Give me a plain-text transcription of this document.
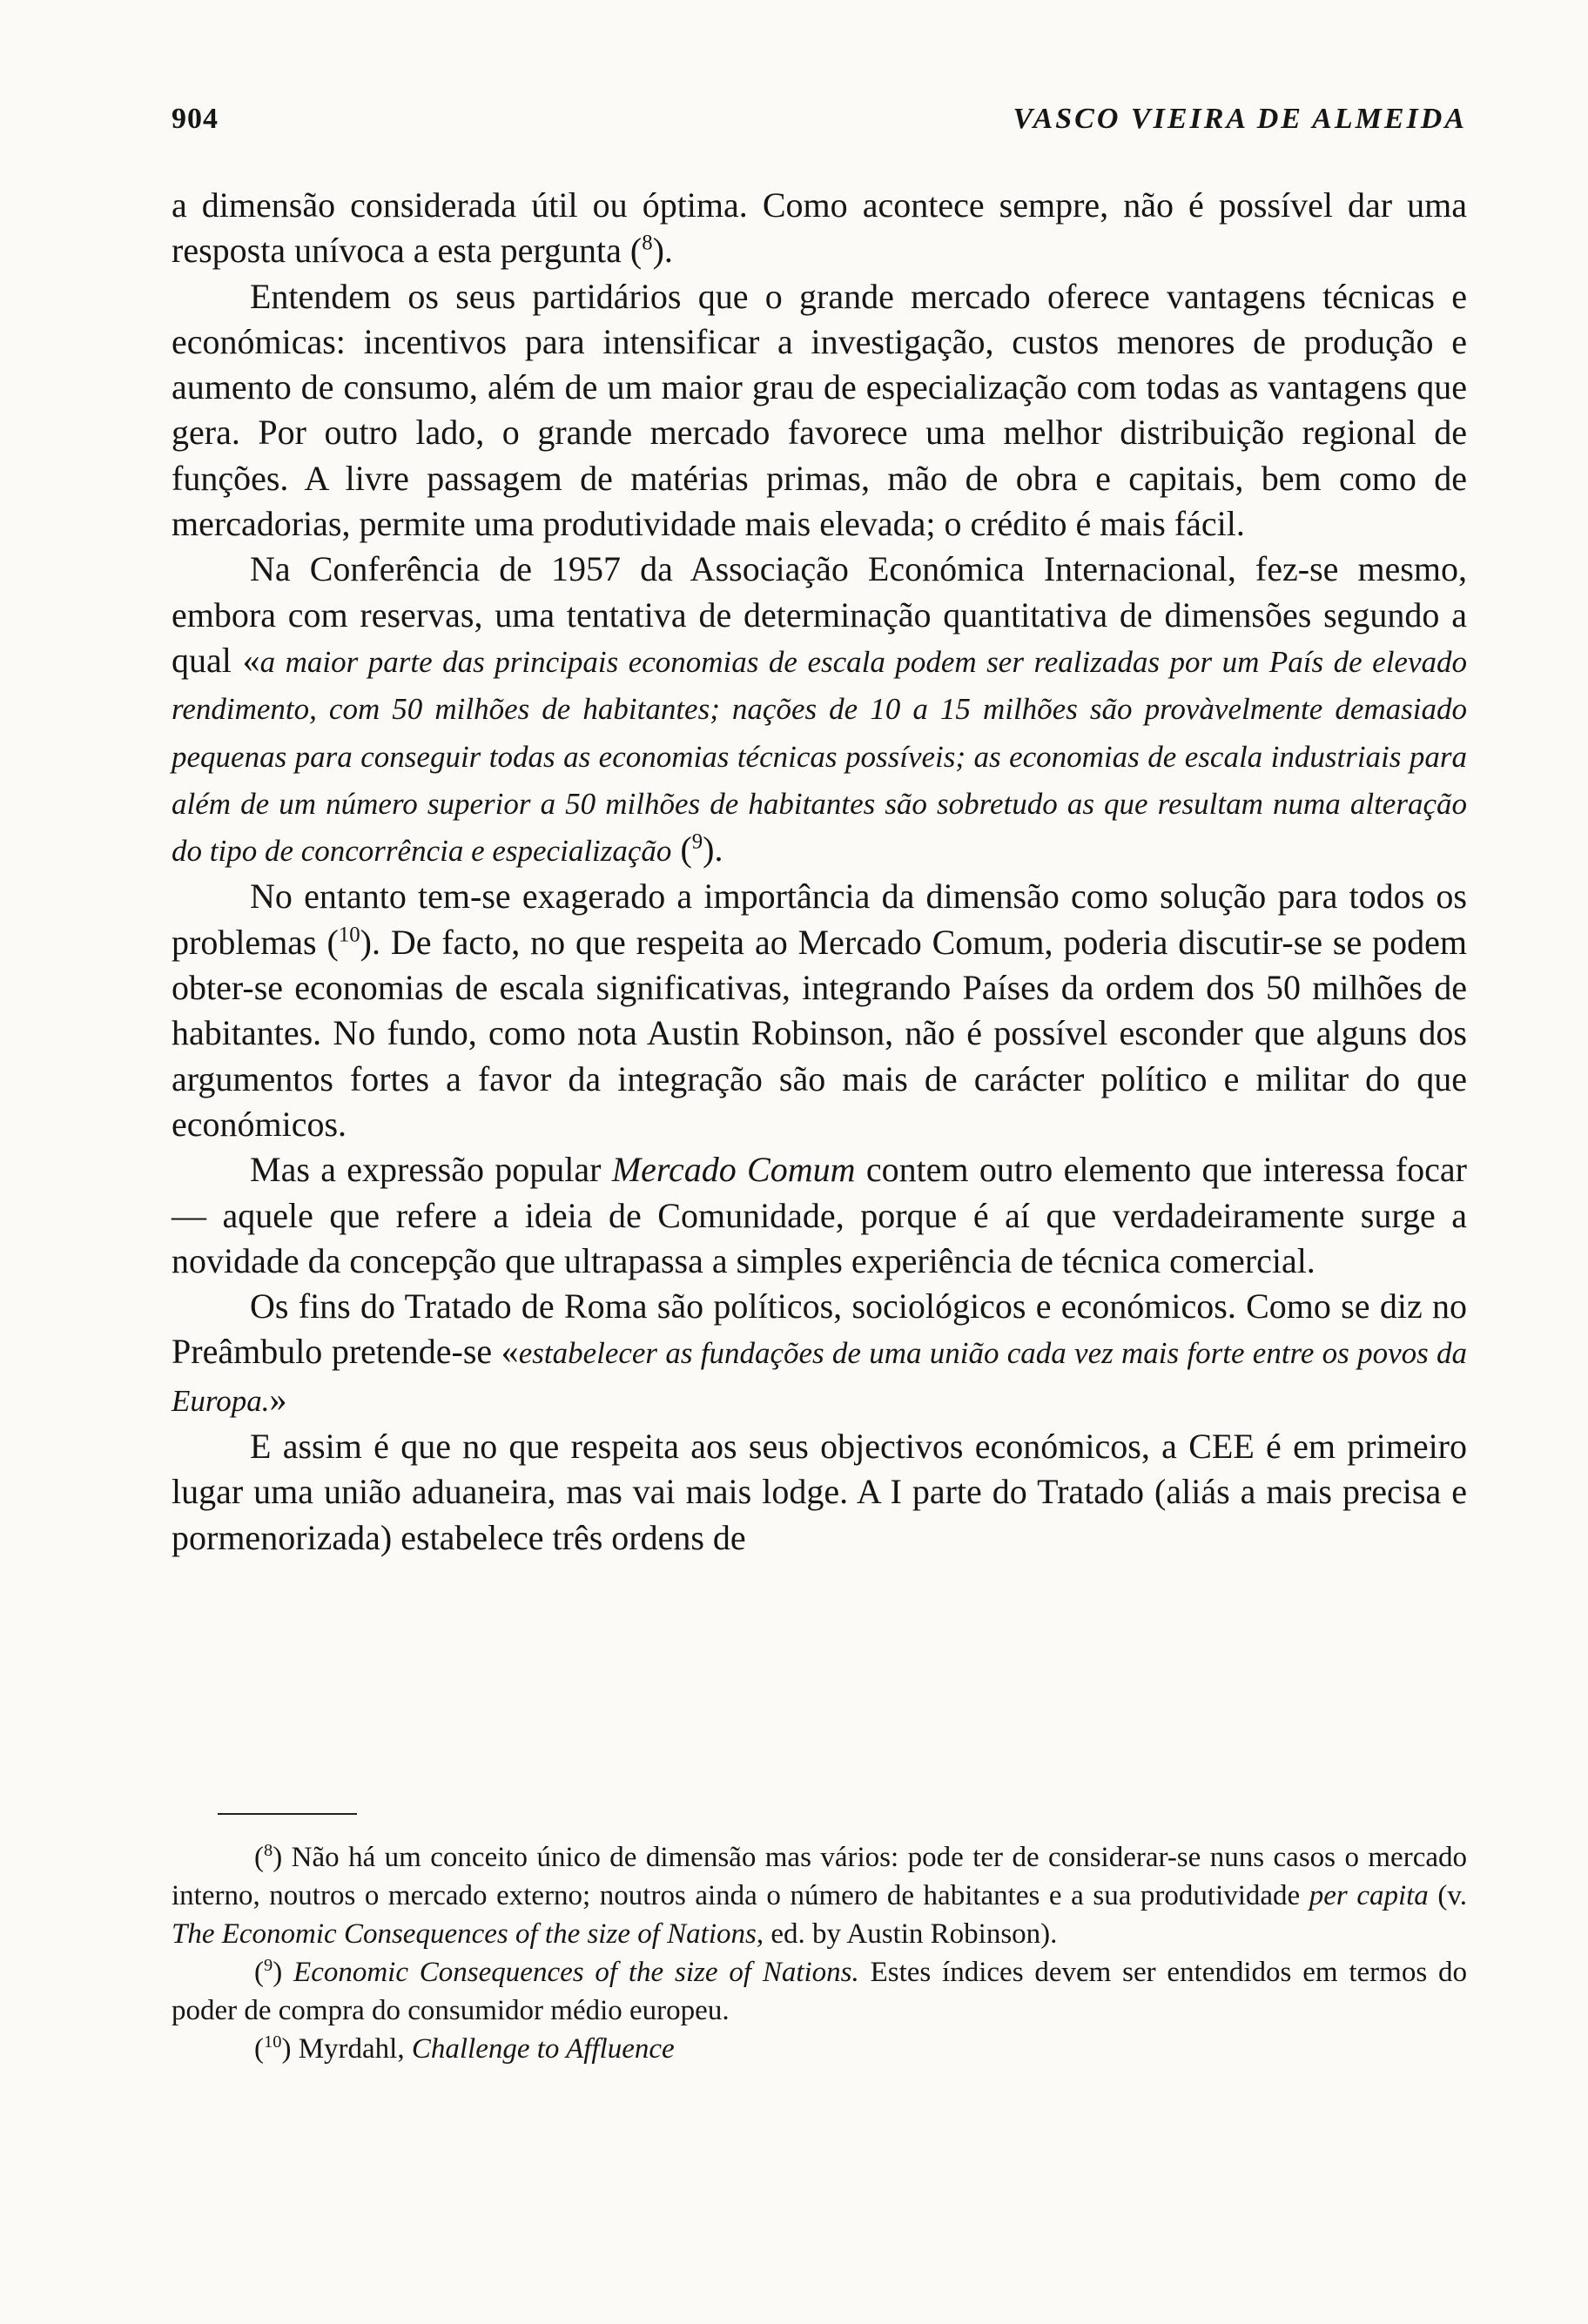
904	VASCO VIEIRA DE ALMEIDA

a dimensão considerada útil ou óptima. Como acontece sempre, não é possível dar uma resposta unívoca a esta pergunta ($^8$).

Entendem os seus partidários que o grande mercado oferece vantagens técnicas e económicas: incentivos para intensificar a investigação, custos menores de produção e aumento de consumo, além de um maior grau de especialização com todas as vantagens que gera. Por outro lado, o grande mercado favorece uma melhor distribuição regional de funções. A livre passagem de matérias primas, mão de obra e capitais, bem como de mercadorias, permite uma produtividade mais elevada; o crédito é mais fácil.

Na Conferência de 1957 da Associação Económica Internacional, fez-se mesmo, embora com reservas, uma tentativa de determinação quantitativa de dimensões segundo a qual «a maior parte das principais economias de escala podem ser realizadas por um País de elevado rendimento, com 50 milhões de habitantes; nações de 10 a 15 milhões são provàvelmente demasiado pequenas para conseguir todas as economias técnicas possíveis; as economias de escala industriais para além de um número superior a 50 milhões de habitantes são sobretudo as que resultam numa alteração do tipo de concorrência e especialização ($^9$).

No entanto tem-se exagerado a importância da dimensão como solução para todos os problemas ($^{10}$). De facto, no que respeita ao Mercado Comum, poderia discutir-se se podem obter-se economias de escala significativas, integrando Países da ordem dos 50 milhões de habitantes. No fundo, como nota Austin Robinson, não é possível esconder que alguns dos argumentos fortes a favor da integração são mais de carácter político e militar do que económicos.

Mas a expressão popular Mercado Comum contem outro elemento que interessa focar — aquele que refere a ideia de Comunidade, porque é aí que verdadeiramente surge a novidade da concepção que ultrapassa a simples experiência de técnica comercial.

Os fins do Tratado de Roma são políticos, sociológicos e económicos. Como se diz no Preâmbulo pretende-se «estabelecer as fundações de uma união cada vez mais forte entre os povos da Europa.»

E assim é que no que respeita aos seus objectivos económicos, a CEE é em primeiro lugar uma união aduaneira, mas vai mais lodge. A I parte do Tratado (aliás a mais precisa e pormenorizada) estabelece três ordens de

($^8$) Não há um conceito único de dimensão mas vários: pode ter de considerar-se nuns casos o mercado interno, noutros o mercado externo; noutros ainda o número de habitantes e a sua produtividade per capita (v. The Economic Consequences of the size of Nations, ed. by Austin Robinson).

($^9$) Economic Consequences of the size of Nations. Estes índices devem ser entendidos em termos do poder de compra do consumidor médio europeu.

($^{10}$) Myrdahl, Challenge to Affluence
